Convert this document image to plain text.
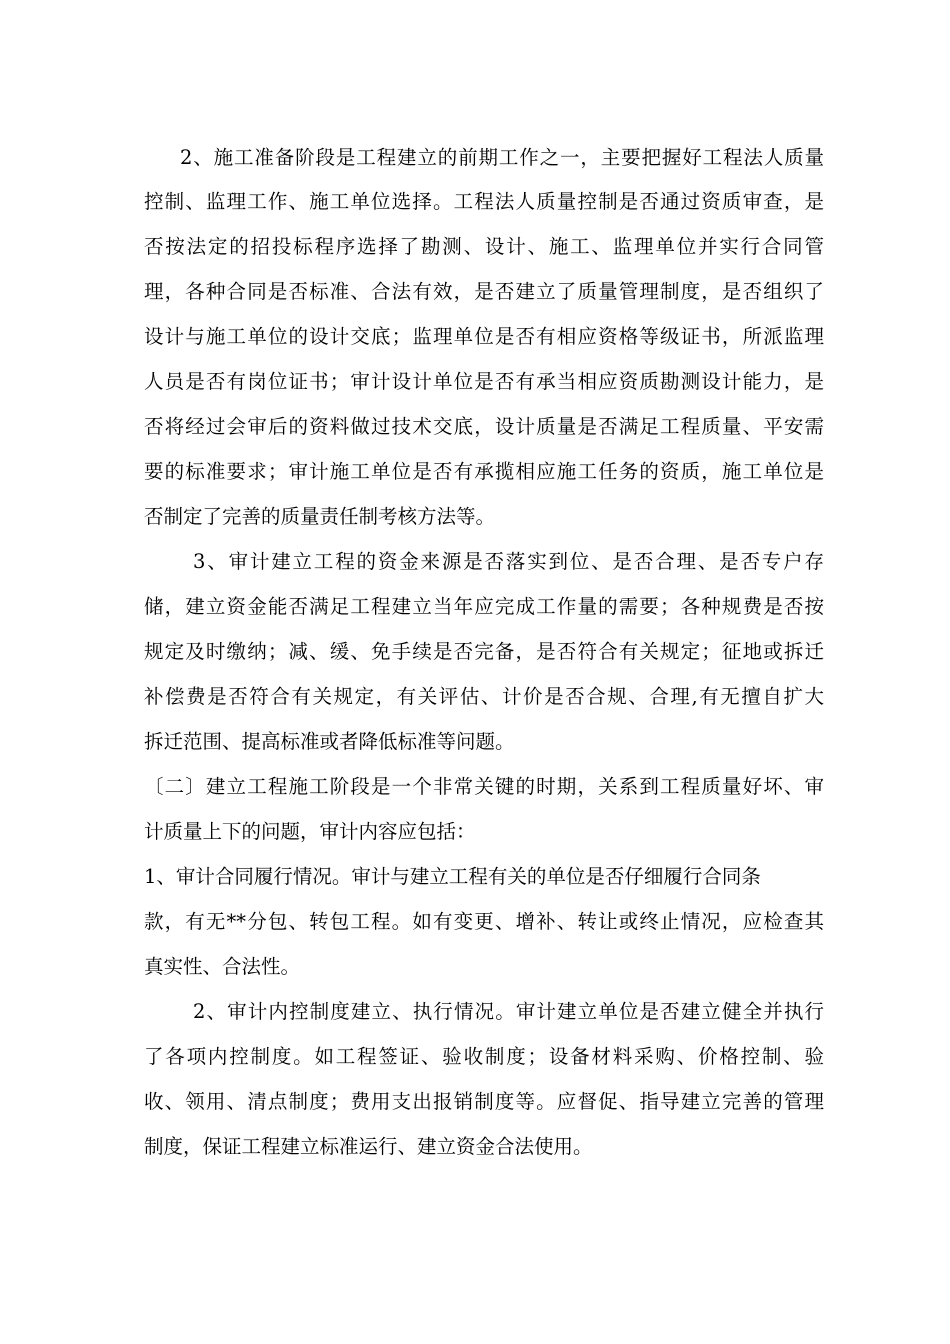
2、施工准备阶段是工程建立的前期工作之一，主要把握好工程法人质量
控制、监理工作、施工单位选择。工程法人质量控制是否通过资质审查，是
否按法定的招投标程序选择了勘测、设计、施工、监理单位并实行合同管
理，各种合同是否标准、合法有效，是否建立了质量管理制度，是否组织了
设计与施工单位的设计交底；监理单位是否有相应资格等级证书，所派监理
人员是否有岗位证书；审计设计单位是否有承当相应资质勘测设计能力，是
否将经过会审后的资料做过技术交底，设计质量是否满足工程质量、平安需
要的标准要求；审计施工单位是否有承揽相应施工任务的资质，施工单位是
否制定了完善的质量责任制考核方法等。
3、审计建立工程的资金来源是否落实到位、是否合理、是否专户存
储，建立资金能否满足工程建立当年应完成工作量的需要；各种规费是否按
规定及时缴纳；减、缓、免手续是否完备，是否符合有关规定；征地或拆迁
补偿费是否符合有关规定，有关评估、计价是否合规、合理,有无擅自扩大
拆迁范围、提高标准或者降低标准等问题。
〔二〕建立工程施工阶段是一个非常关键的时期，关系到工程质量好坏、审
计质量上下的问题，审计内容应包括：
1、审计合同履行情况。审计与建立工程有关的单位是否仔细履行合同条
款，有无**分包、转包工程。如有变更、增补、转让或终止情况，应检查其
真实性、合法性。
2、审计内控制度建立、执行情况。审计建立单位是否建立健全并执行
了各项内控制度。如工程签证、验收制度；设备材料采购、价格控制、验
收、领用、清点制度；费用支出报销制度等。应督促、指导建立完善的管理
制度，保证工程建立标准运行、建立资金合法使用。
